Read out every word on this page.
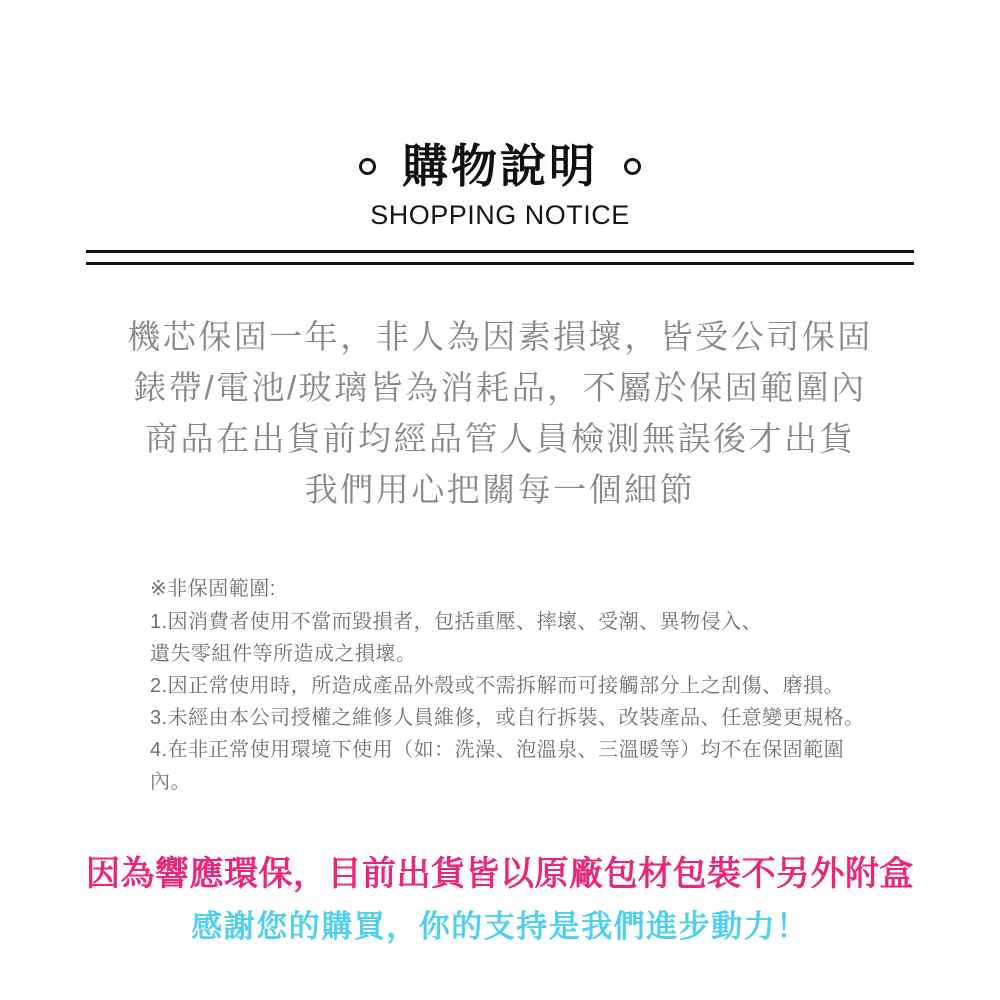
購物說明
SHOPPING NOTICE
機芯保固一年，非人為因素損壞，皆受公司保固
錶帶/電池/玻璃皆為消耗品，不屬於保固範圍內
商品在出貨前均經品管人員檢測無誤後才出貨
我們用心把關每一個細節
※非保固範圍:
1.因消費者使用不當而毀損者，包括重壓、摔壞、受潮、異物侵入、
遺失零組件等所造成之損壞。
2.因正常使用時，所造成產品外殼或不需拆解而可接觸部分上之刮傷、磨損。
3.未經由本公司授權之維修人員維修，或自行拆裝、改裝產品、任意變更規格。
4.在非正常使用環境下使用（如：洗澡、泡溫泉、三溫暖等）均不在保固範圍內。
因為響應環保，目前出貨皆以原廠包材包裝不另外附盒
感謝您的購買，你的支持是我們進步動力！
